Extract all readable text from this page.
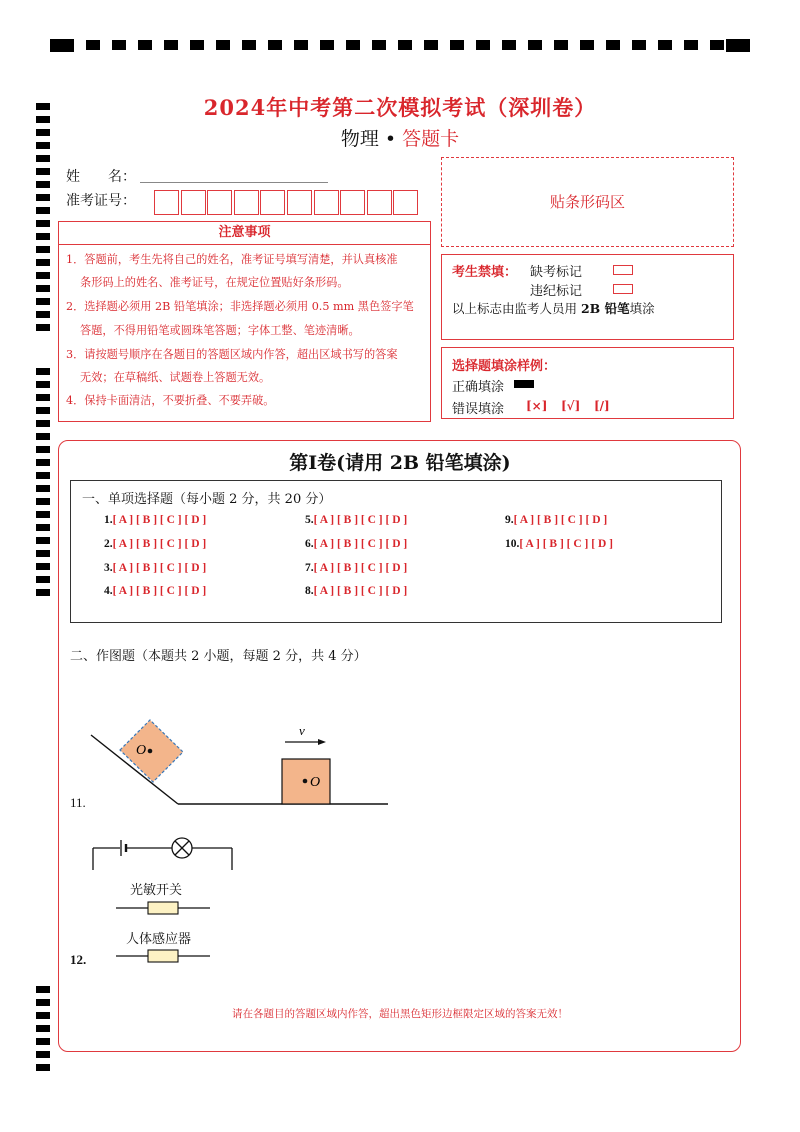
2024年中考第二次模拟考试（深圳卷）
物理 • 答题卡
姓　　名：
准考证号：	贴条形码区
注意事项
1．答题前，考生先将自己的姓名，准考证号填写清楚，并认真核准
条形码上的姓名、准考证号，在规定位置贴好条形码。
2．选择题必须用 2B 铅笔填涂；非选择题必须用 0.5 mm 黑色签字笔
答题，不得用铅笔或圆珠笔答题；字体工整、笔迹清晰。
3．请按题号顺序在各题目的答题区域内作答，超出区域书写的答案
无效；在草稿纸、试题卷上答题无效。
4．保持卡面清洁，不要折叠、不要弄破。
考生禁填： 缺考标记
违纪标记
以上标志由监考人员用 2B 铅笔填涂
选择题填涂样例：
正确填涂
错误填涂 [×] [√] [/]
第Ⅰ卷(请用 2B 铅笔填涂)
一、单项选择题（每小题 2 分，共 20 分）
1.[ A ] [ B ] [ C ] [ D ]
2.[ A ] [ B ] [ C ] [ D ]
3.[ A ] [ B ] [ C ] [ D ]
4.[ A ] [ B ] [ C ] [ D ]
5.[ A ] [ B ] [ C ] [ D ]
6.[ A ] [ B ] [ C ] [ D ]
7.[ A ] [ B ] [ C ] [ D ]
8.[ A ] [ B ] [ C ] [ D ]
9.[ A ] [ B ] [ C ] [ D ]
10.[ A ] [ B ] [ C ] [ D ]
二、作图题（本题共 2 小题，每题 2 分，共 4 分）
O
O
v
11.
光敏开关
人体感应器
12.
请在各题目的答题区域内作答，超出黑色矩形边框限定区域的答案无效！
